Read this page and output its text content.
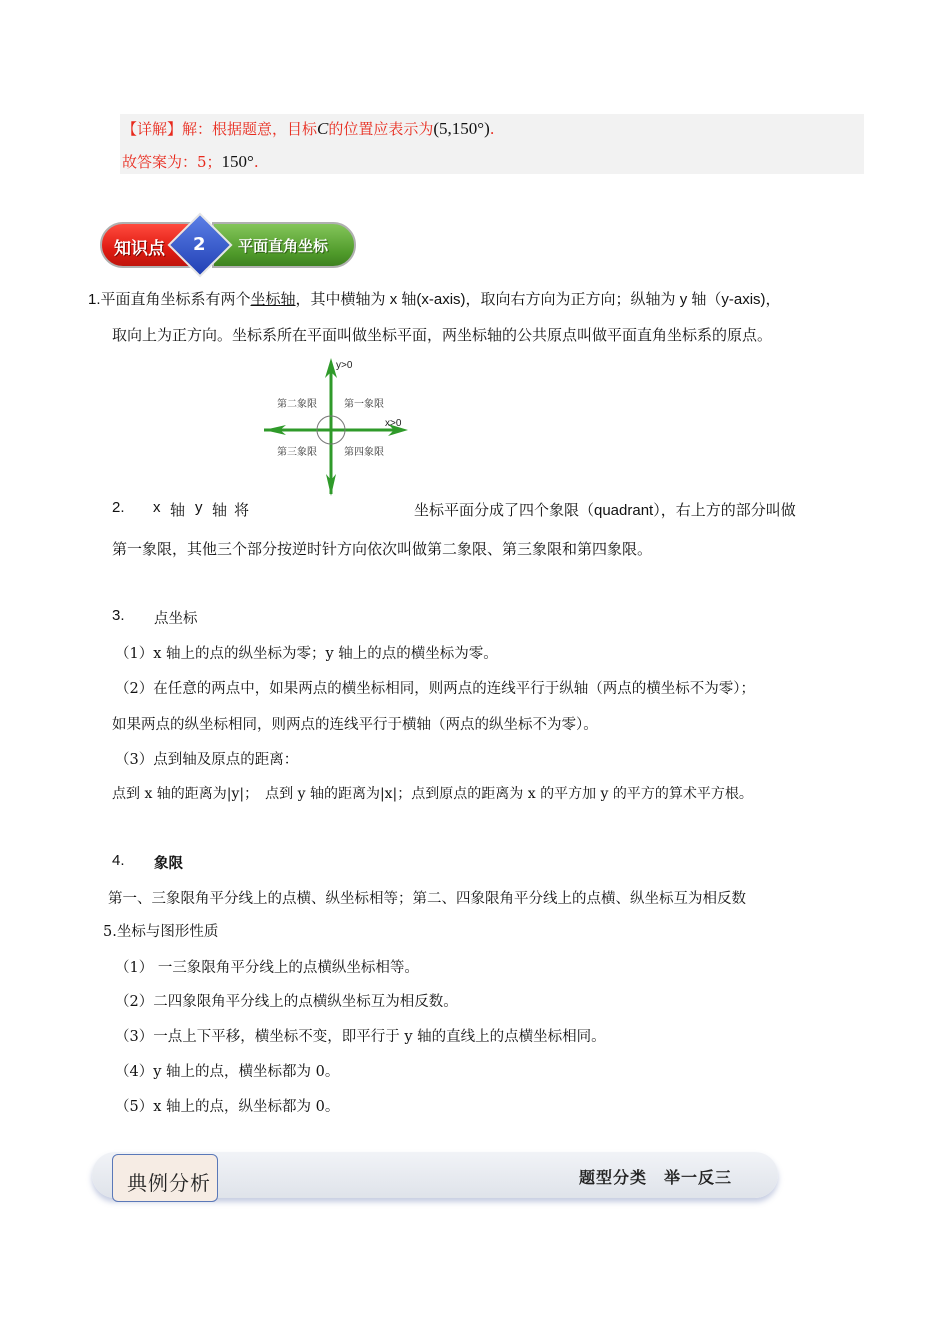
【详解】解：根据题意，目标C的位置应表示为(5,150°).
故答案为：5；150°.
知识点	平面直角坐标
2
1.平面直角坐标系有两个坐标轴，其中横轴为 x 轴(x-axis)，取向右方向为正方向；纵轴为 y 轴（y-axis)，
取向上为正方向。坐标系所在平面叫做坐标平面，两坐标轴的公共原点叫做平面直角坐标系的原点。
y>0
x>0
第一象限
第二象限
第三象限	第四象限
2. x 轴 y 轴 将	坐标平面分成了四个象限（quadrant），右上方的部分叫做
第一象限，其他三个部分按逆时针方向依次叫做第二象限、第三象限和第四象限。
3. 点坐标
（1）x 轴上的点的纵坐标为零；y 轴上的点的横坐标为零。
（2）在任意的两点中，如果两点的横坐标相同，则两点的连线平行于纵轴（两点的横坐标不为零）；
如果两点的纵坐标相同，则两点的连线平行于横轴（两点的纵坐标不为零）。
（3）点到轴及原点的距离：
点到 x 轴的距离为|y|；　点到 y 轴的距离为|x|；点到原点的距离为 x 的平方加 y 的平方的算术平方根。
4. 象限
第一、三象限角平分线上的点横、纵坐标相等；第二、四象限角平分线上的点横、纵坐标互为相反数
5.坐标与图形性质
（1） 一三象限角平分线上的点横纵坐标相等。
（2）二四象限角平分线上的点横纵坐标互为相反数。
（3）一点上下平移，横坐标不变，即平行于 y 轴的直线上的点横坐标相同。
（4）y 轴上的点，横坐标都为 0。
（5）x 轴上的点，纵坐标都为 0。
典例分析	题型分类　举一反三
